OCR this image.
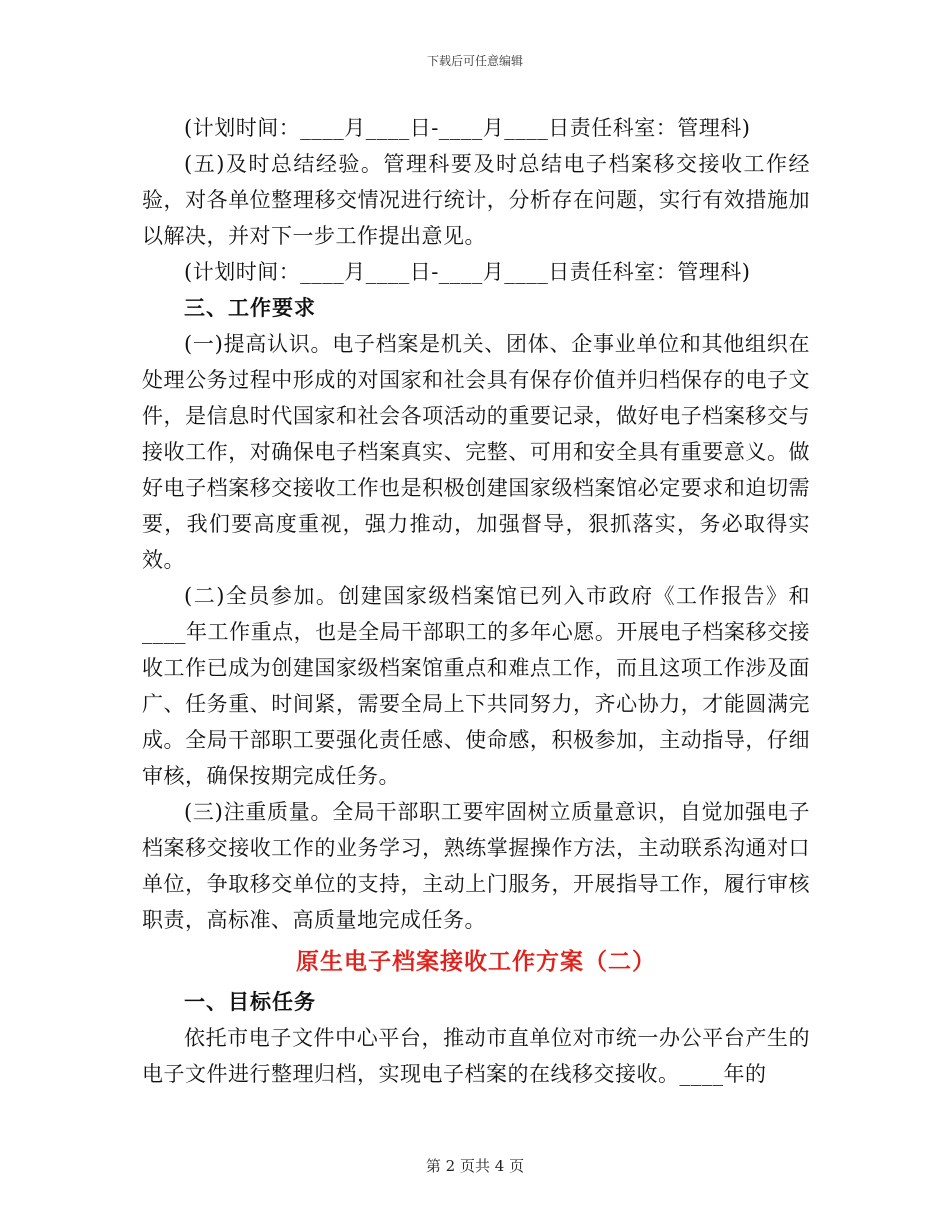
下载后可任意编辑

(计划时间：____月____日-____月____日责任科室：管理科)

(五)及时总结经验。管理科要及时总结电子档案移交接收工作经验，对各单位整理移交情况进行统计，分析存在问题，实行有效措施加以解决，并对下一步工作提出意见。

(计划时间：____月____日-____月____日责任科室：管理科)

三、工作要求

(一)提高认识。电子档案是机关、团体、企事业单位和其他组织在处理公务过程中形成的对国家和社会具有保存价值并归档保存的电子文件，是信息时代国家和社会各项活动的重要记录，做好电子档案移交与接收工作，对确保电子档案真实、完整、可用和安全具有重要意义。做好电子档案移交接收工作也是积极创建国家级档案馆必定要求和迫切需要，我们要高度重视，强力推动，加强督导，狠抓落实，务必取得实效。

(二)全员参加。创建国家级档案馆已列入市政府《工作报告》和____年工作重点，也是全局干部职工的多年心愿。开展电子档案移交接收工作已成为创建国家级档案馆重点和难点工作，而且这项工作涉及面广、任务重、时间紧，需要全局上下共同努力，齐心协力，才能圆满完成。全局干部职工要强化责任感、使命感，积极参加，主动指导，仔细审核，确保按期完成任务。

(三)注重质量。全局干部职工要牢固树立质量意识，自觉加强电子档案移交接收工作的业务学习，熟练掌握操作方法，主动联系沟通对口单位，争取移交单位的支持，主动上门服务，开展指导工作，履行审核职责，高标准、高质量地完成任务。

原生电子档案接收工作方案（二）

一、目标任务

依托市电子文件中心平台，推动市直单位对市统一办公平台产生的电子文件进行整理归档，实现电子档案的在线移交接收。____年的

第 2 页共 4 页
